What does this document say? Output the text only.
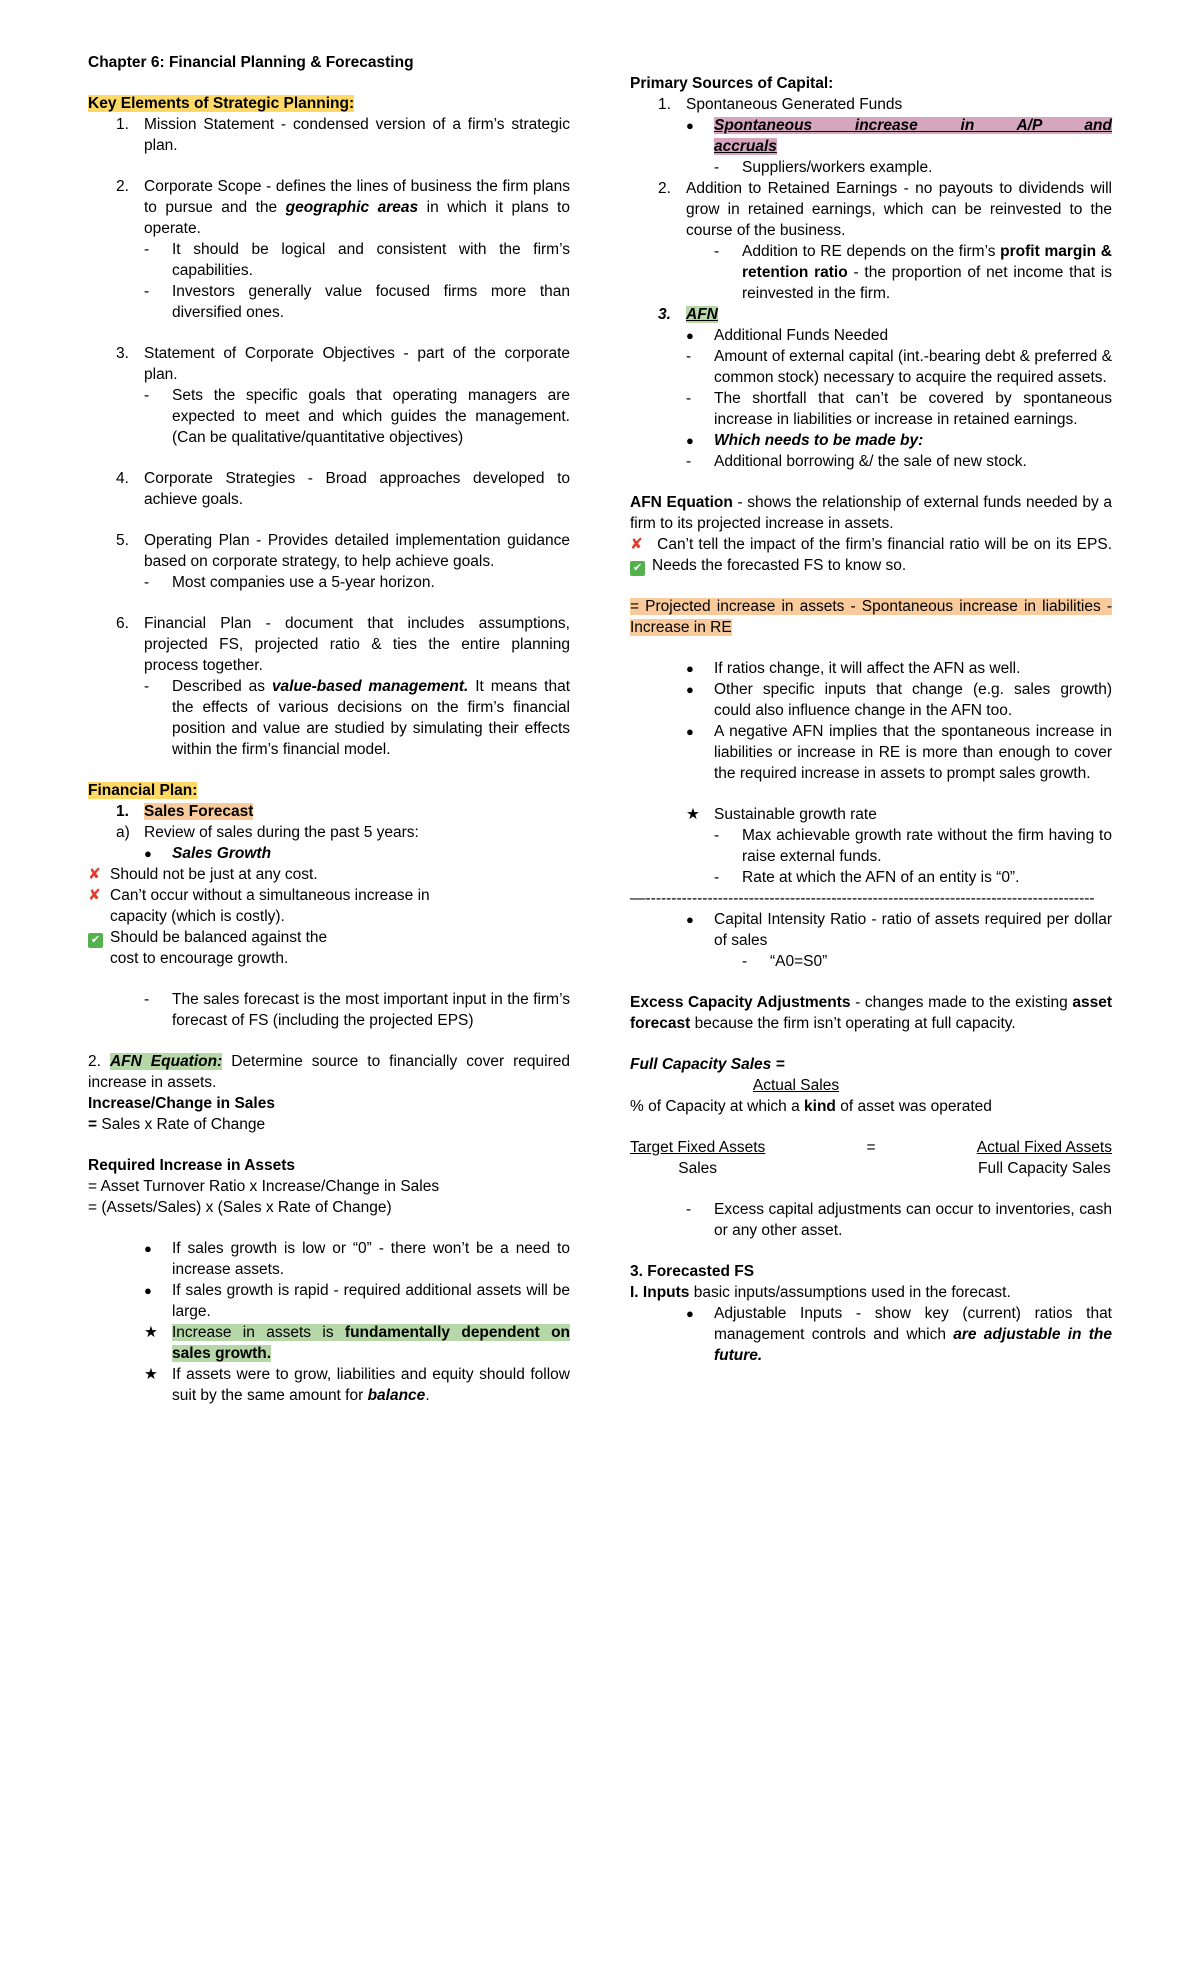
Chapter 6: Financial Planning & Forecasting
Key Elements of Strategic Planning:
1. Mission Statement - condensed version of a firm’s strategic plan.
2. Corporate Scope - defines the lines of business the firm plans to pursue and the geographic areas in which it plans to operate.
- It should be logical and consistent with the firm’s capabilities.
- Investors generally value focused firms more than diversified ones.
3. Statement of Corporate Objectives - part of the corporate plan.
- Sets the specific goals that operating managers are expected to meet and which guides the management. (Can be qualitative/quantitative objectives)
4. Corporate Strategies - Broad approaches developed to achieve goals.
5. Operating Plan - Provides detailed implementation guidance based on corporate strategy, to help achieve goals.
- Most companies use a 5-year horizon.
6. Financial Plan - document that includes assumptions, projected FS, projected ratio & ties the entire planning process together.
- Described as value-based management. It means that the effects of various decisions on the firm’s financial position and value are studied by simulating their effects within the firm’s financial model.
Financial Plan:
1. Sales Forecast
a) Review of sales during the past 5 years:
● Sales Growth
✘ Should not be just at any cost.
✘ Can’t occur without a simultaneous increase in
capacity (which is costly).
✔ Should be balanced against the
cost to encourage growth.
- The sales forecast is the most important input in the firm’s forecast of FS (including the projected EPS)
2. AFN Equation: Determine source to financially cover required increase in assets.
Increase/Change in Sales
= Sales x Rate of Change
Required Increase in Assets
= Asset Turnover Ratio x Increase/Change in Sales
= (Assets/Sales) x (Sales x Rate of Change)
● If sales growth is low or “0” - there won’t be a need to increase assets.
● If sales growth is rapid - required additional assets will be large.
★ Increase in assets is fundamentally dependent on sales growth.
★ If assets were to grow, liabilities and equity should follow suit by the same amount for balance.
Primary Sources of Capital:
1. Spontaneous Generated Funds
● Spontaneous increase in A/P and
accruals
- Suppliers/workers example.
2. Addition to Retained Earnings - no payouts to dividends will grow in retained earnings, which can be reinvested to the course of the business.
- Addition to RE depends on the firm’s profit margin & retention ratio - the proportion of net income that is reinvested in the firm.
3. AFN
● Additional Funds Needed
- Amount of external capital (int.-bearing debt & preferred & common stock) necessary to acquire the required assets.
- The shortfall that can’t be covered by spontaneous increase in liabilities or increase in retained earnings.
● Which needs to be made by:
- Additional borrowing &/ the sale of new stock.
AFN Equation - shows the relationship of external funds needed by a firm to its projected increase in assets.
✘ Can’t tell the impact of the firm’s financial ratio will be on its EPS. ✔ Needs the forecasted FS to know so.
= Projected increase in assets - Spontaneous increase in liabilities - Increase in RE
● If ratios change, it will affect the AFN as well.
● Other specific inputs that change (e.g. sales growth) could also influence change in the AFN too.
● A negative AFN implies that the spontaneous increase in liabilities or increase in RE is more than enough to cover the required increase in assets to prompt sales growth.
★ Sustainable growth rate
- Max achievable growth rate without the firm having to raise external funds.
- Rate at which the AFN of an entity is “0”.
—---------------------------------------------------------------------------------------
● Capital Intensity Ratio - ratio of assets required per dollar of sales
- “A0=S0”
Excess Capacity Adjustments - changes made to the existing asset forecast because the firm isn’t operating at full capacity.
Full Capacity Sales =
Actual Sales
% of Capacity at which a kind of asset was operated
$\frac{\text{Target Fixed Assets}}{\text{Sales}}$	=	$\frac{\text{Actual Fixed Assets}}{\text{Full Capacity Sales}}$
- Excess capital adjustments can occur to inventories, cash or any other asset.
3. Forecasted FS
I. Inputs basic inputs/assumptions used in the forecast.
● Adjustable Inputs - show key (current) ratios that management controls and which are adjustable in the future.
